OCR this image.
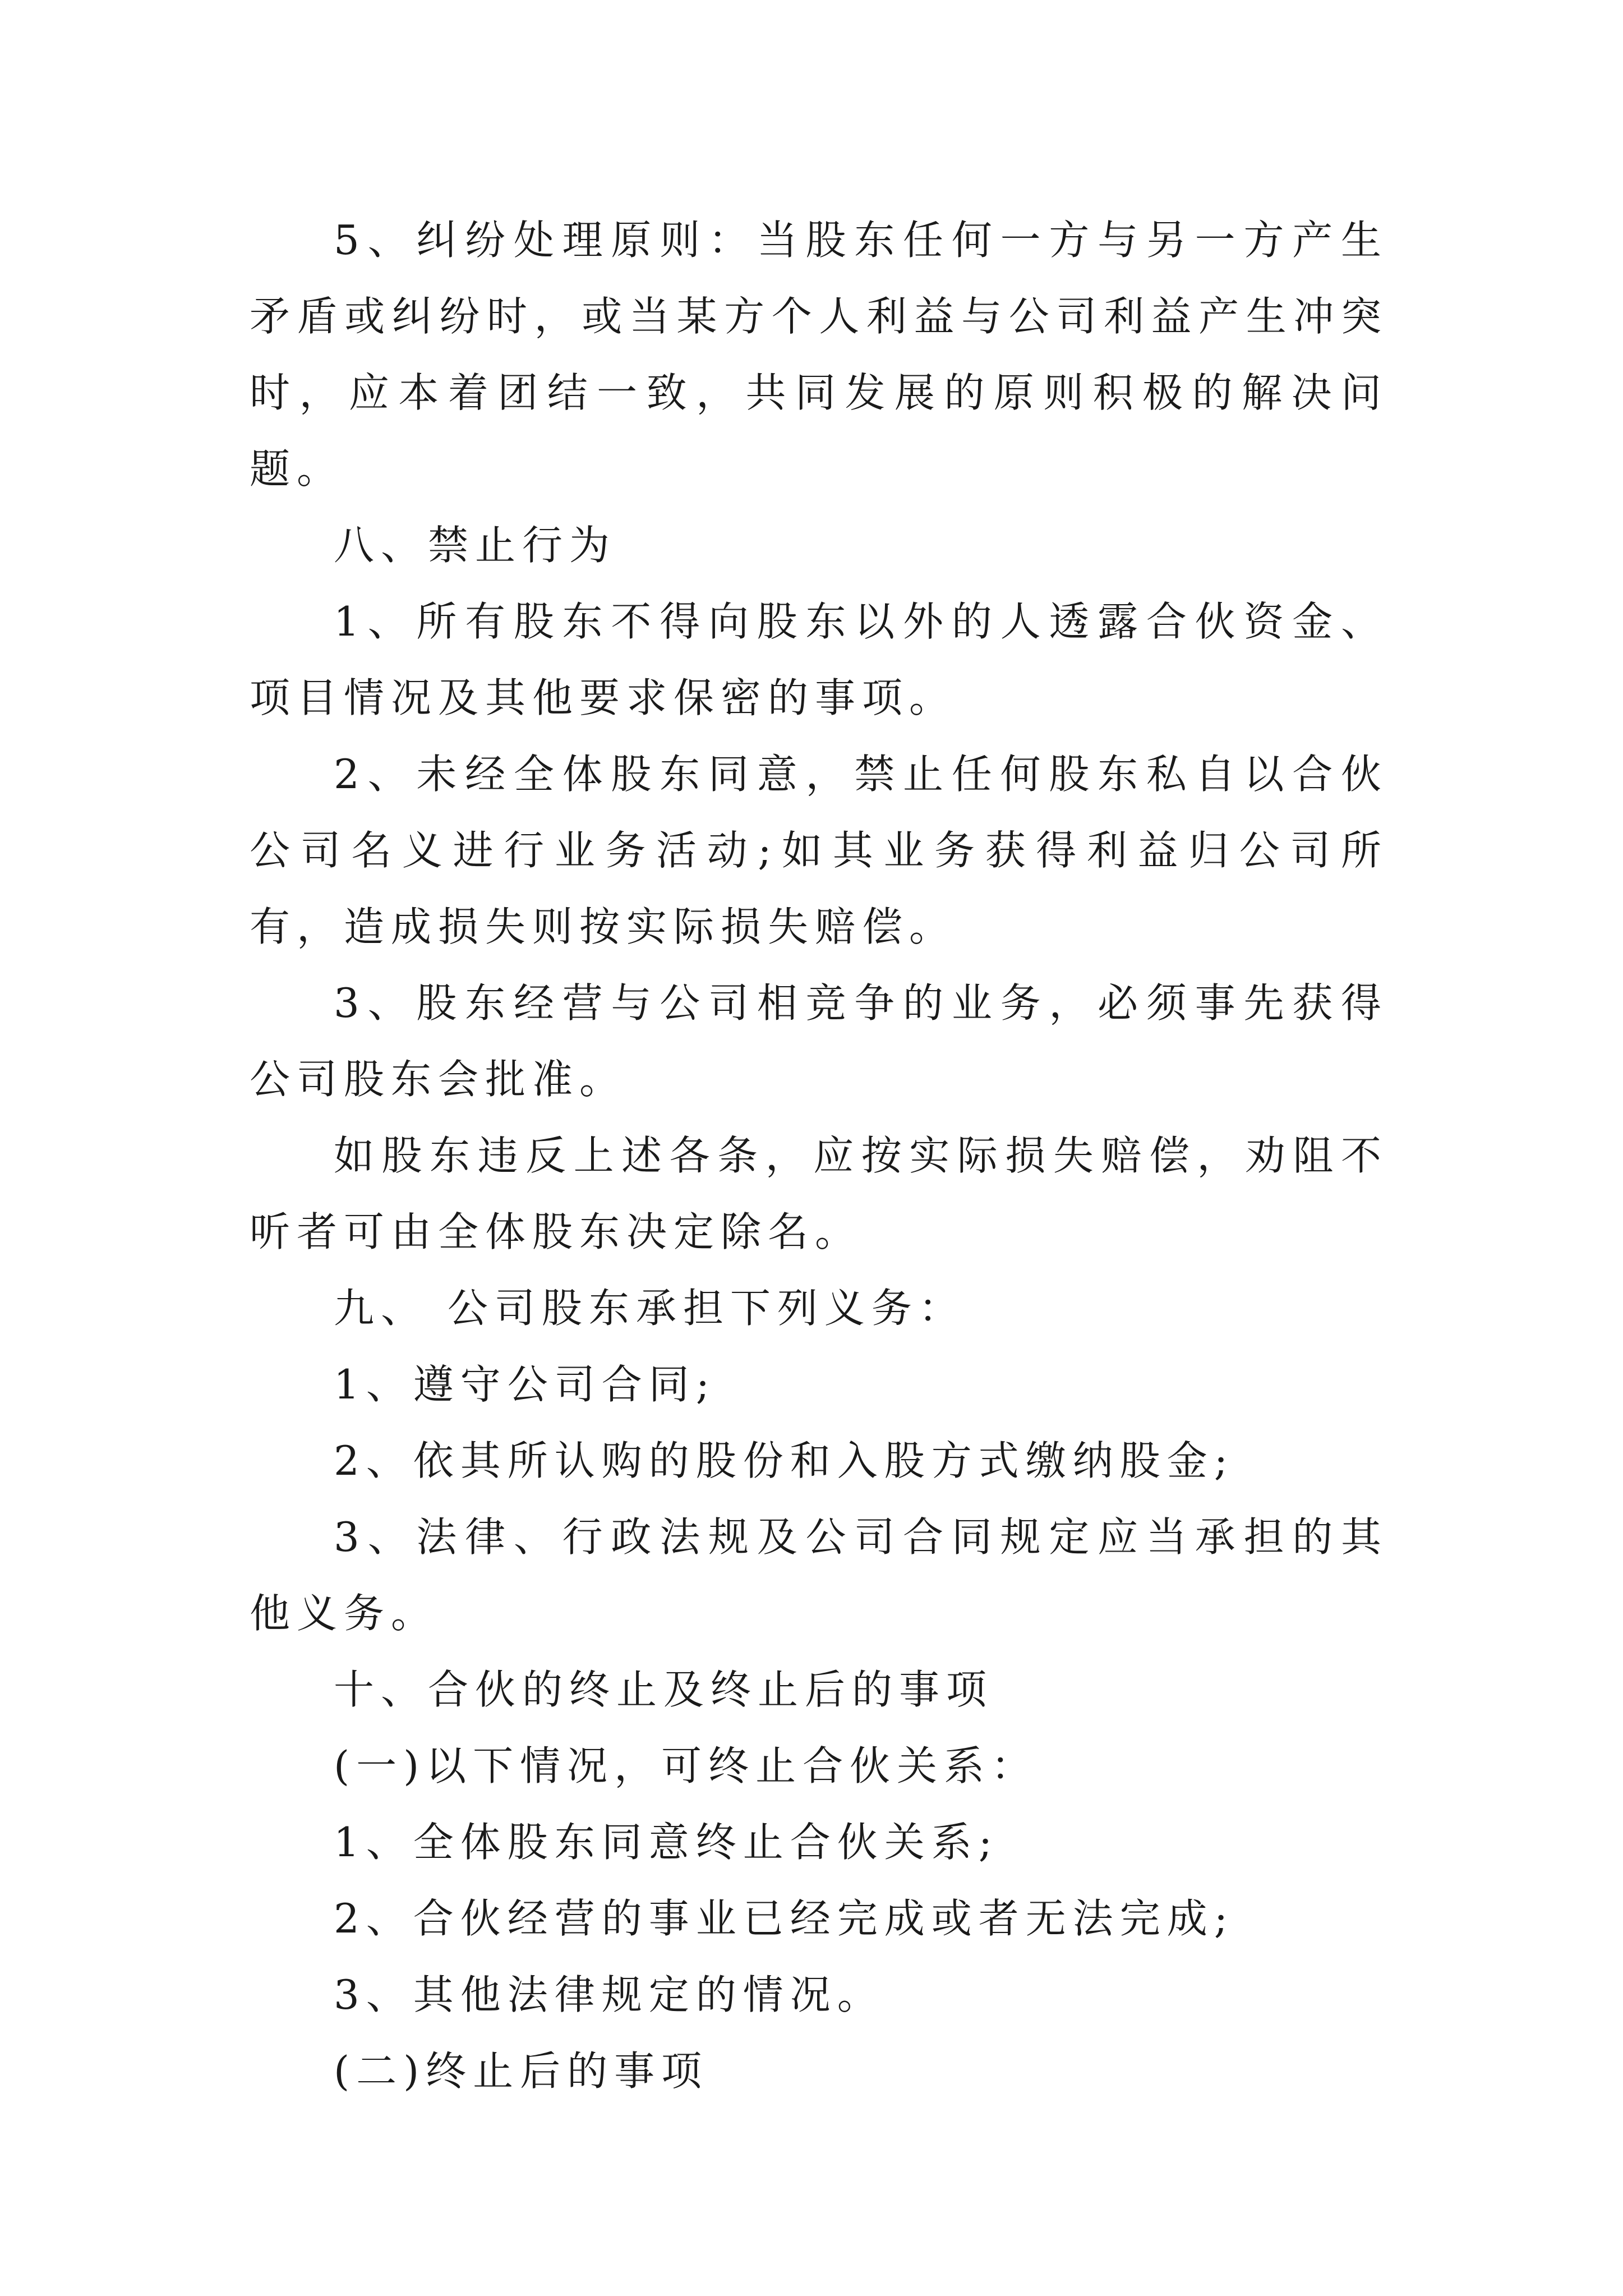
5、纠纷处理原则：当股东任何一方与另一方产生矛盾或纠纷时，或当某方个人利益与公司利益产生冲突时，应本着团结一致，共同发展的原则积极的解决问题。

八、禁止行为

1、所有股东不得向股东以外的人透露合伙资金、项目情况及其他要求保密的事项。

2、未经全体股东同意，禁止任何股东私自以合伙公司名义进行业务活动;如其业务获得利益归公司所有，造成损失则按实际损失赔偿。

3、股东经营与公司相竞争的业务，必须事先获得公司股东会批准。

如股东违反上述各条，应按实际损失赔偿，劝阻不听者可由全体股东决定除名。

九、 公司股东承担下列义务：

1、遵守公司合同;

2、依其所认购的股份和入股方式缴纳股金;

3、法律、行政法规及公司合同规定应当承担的其他义务。

十、合伙的终止及终止后的事项

(一)以下情况，可终止合伙关系：

1、全体股东同意终止合伙关系;

2、合伙经营的事业已经完成或者无法完成;

3、其他法律规定的情况。

(二)终止后的事项
